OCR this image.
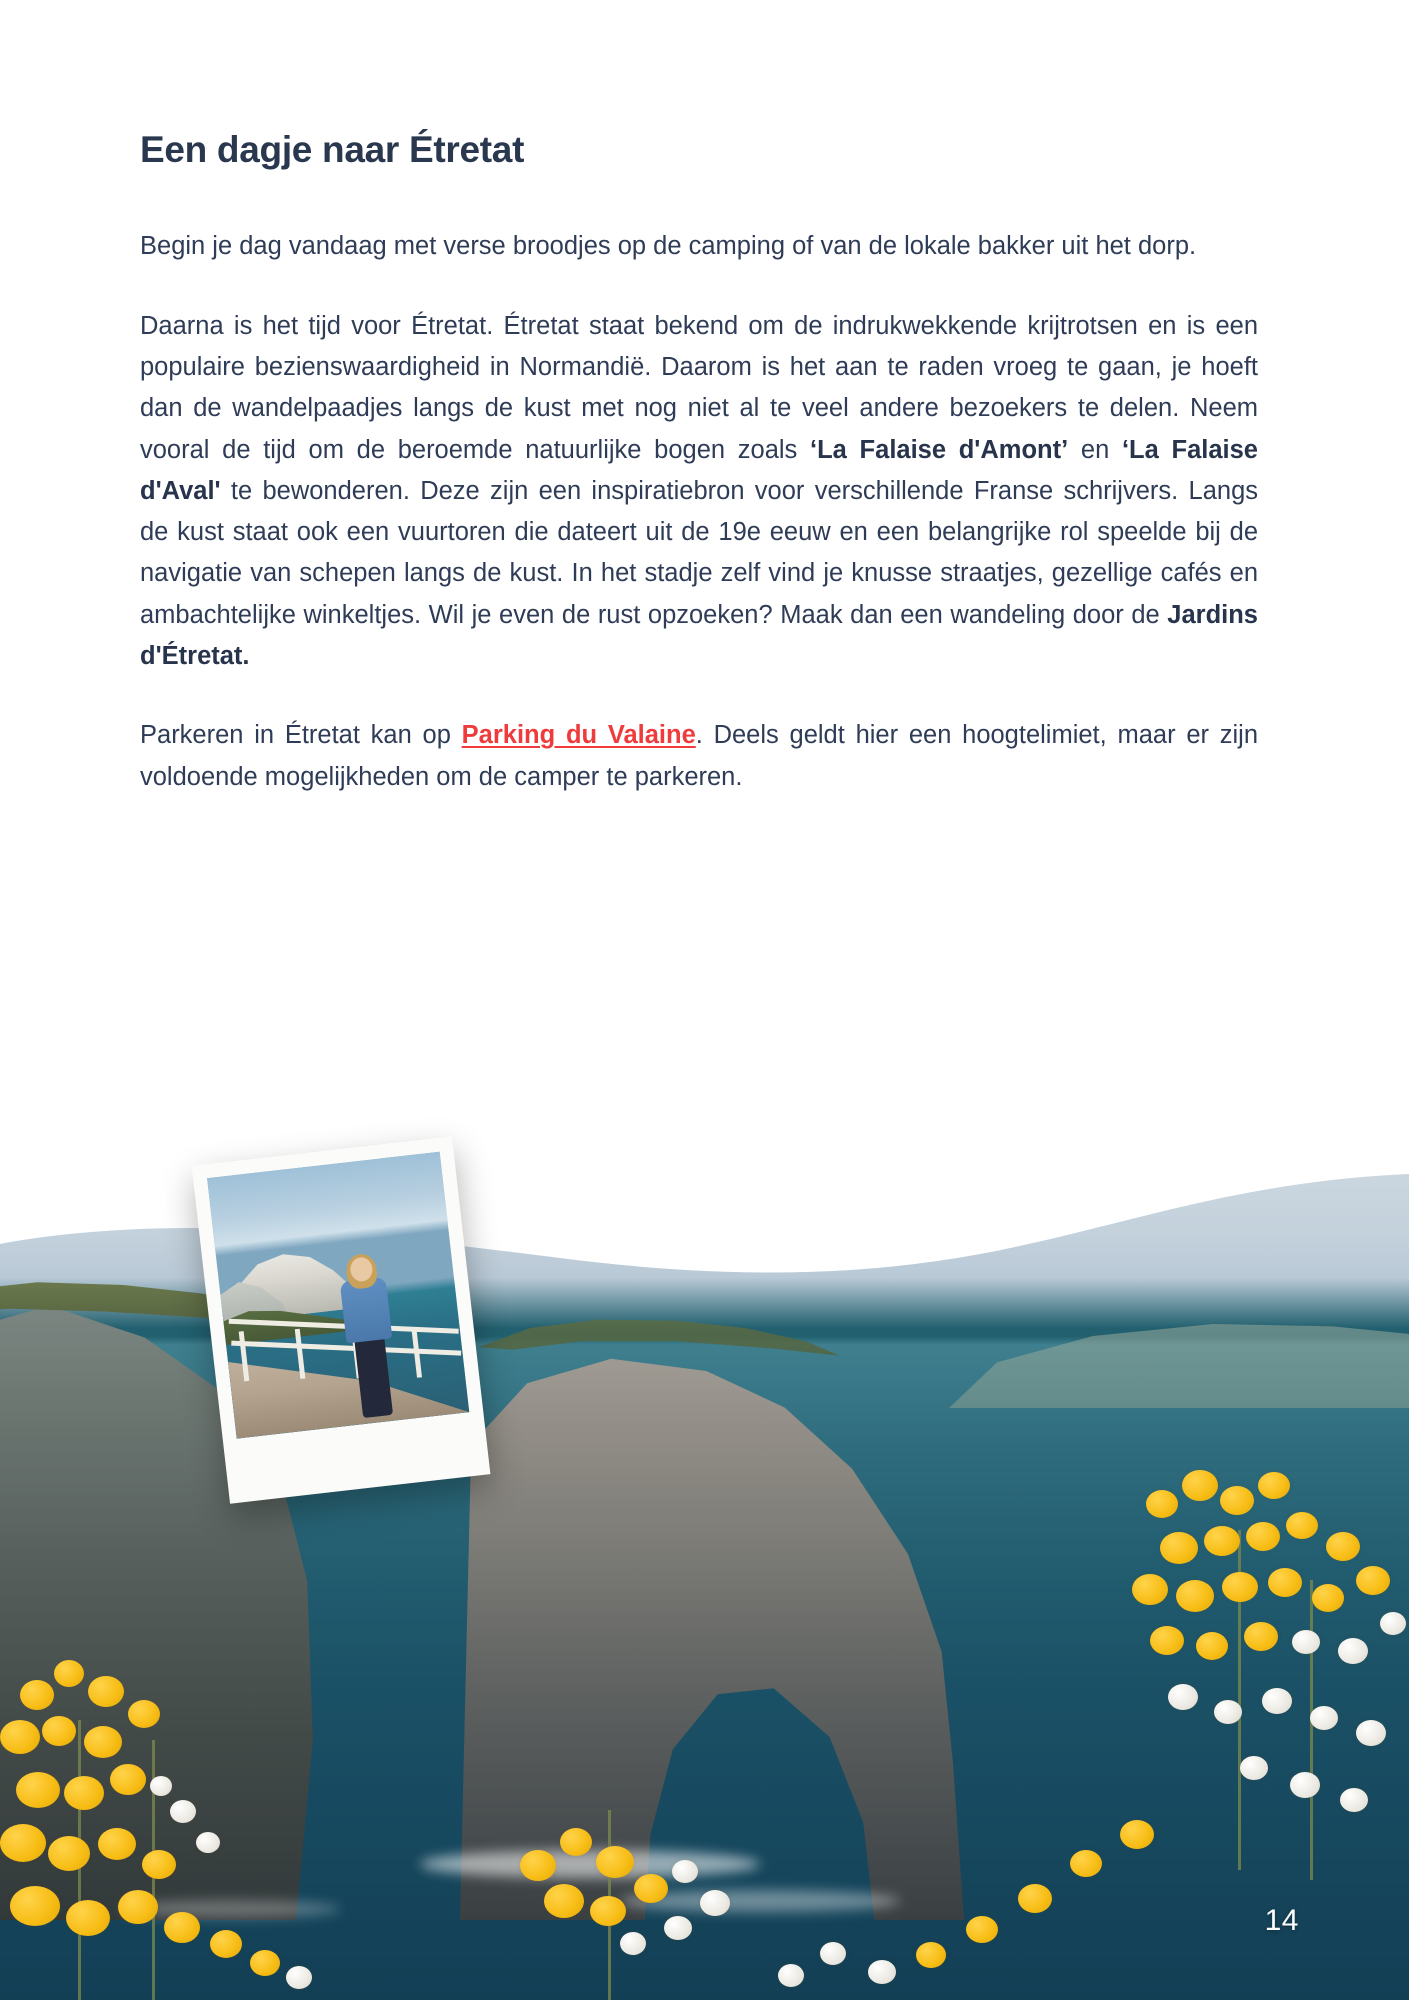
Een dagje naar Étretat

Begin je dag vandaag met verse broodjes op de camping of van de lokale bakker uit het dorp.

Daarna is het tijd voor Étretat. Étretat staat bekend om de indrukwekkende krijtrotsen en is een populaire bezienswaardigheid in Normandië. Daarom is het aan te raden vroeg te gaan, je hoeft dan de wandelpaadjes langs de kust met nog niet al te veel andere bezoekers te delen. Neem vooral de tijd om de beroemde natuurlijke bogen zoals ‘La Falaise d'Amont’ en ‘La Falaise d'Aval' te bewonderen. Deze zijn een inspiratiebron voor verschillende Franse schrijvers. Langs de kust staat ook een vuurtoren die dateert uit de 19e eeuw en een belangrijke rol speelde bij de navigatie van schepen langs de kust. In het stadje zelf vind je knusse straatjes, gezellige cafés en ambachtelijke winkeltjes. Wil je even de rust opzoeken? Maak dan een wandeling door de Jardins d'Étretat.

Parkeren in Étretat kan op Parking du Valaine. Deels geldt hier een hoogtelimiet, maar er zijn voldoende mogelijkheden om de camper te parkeren.

14
